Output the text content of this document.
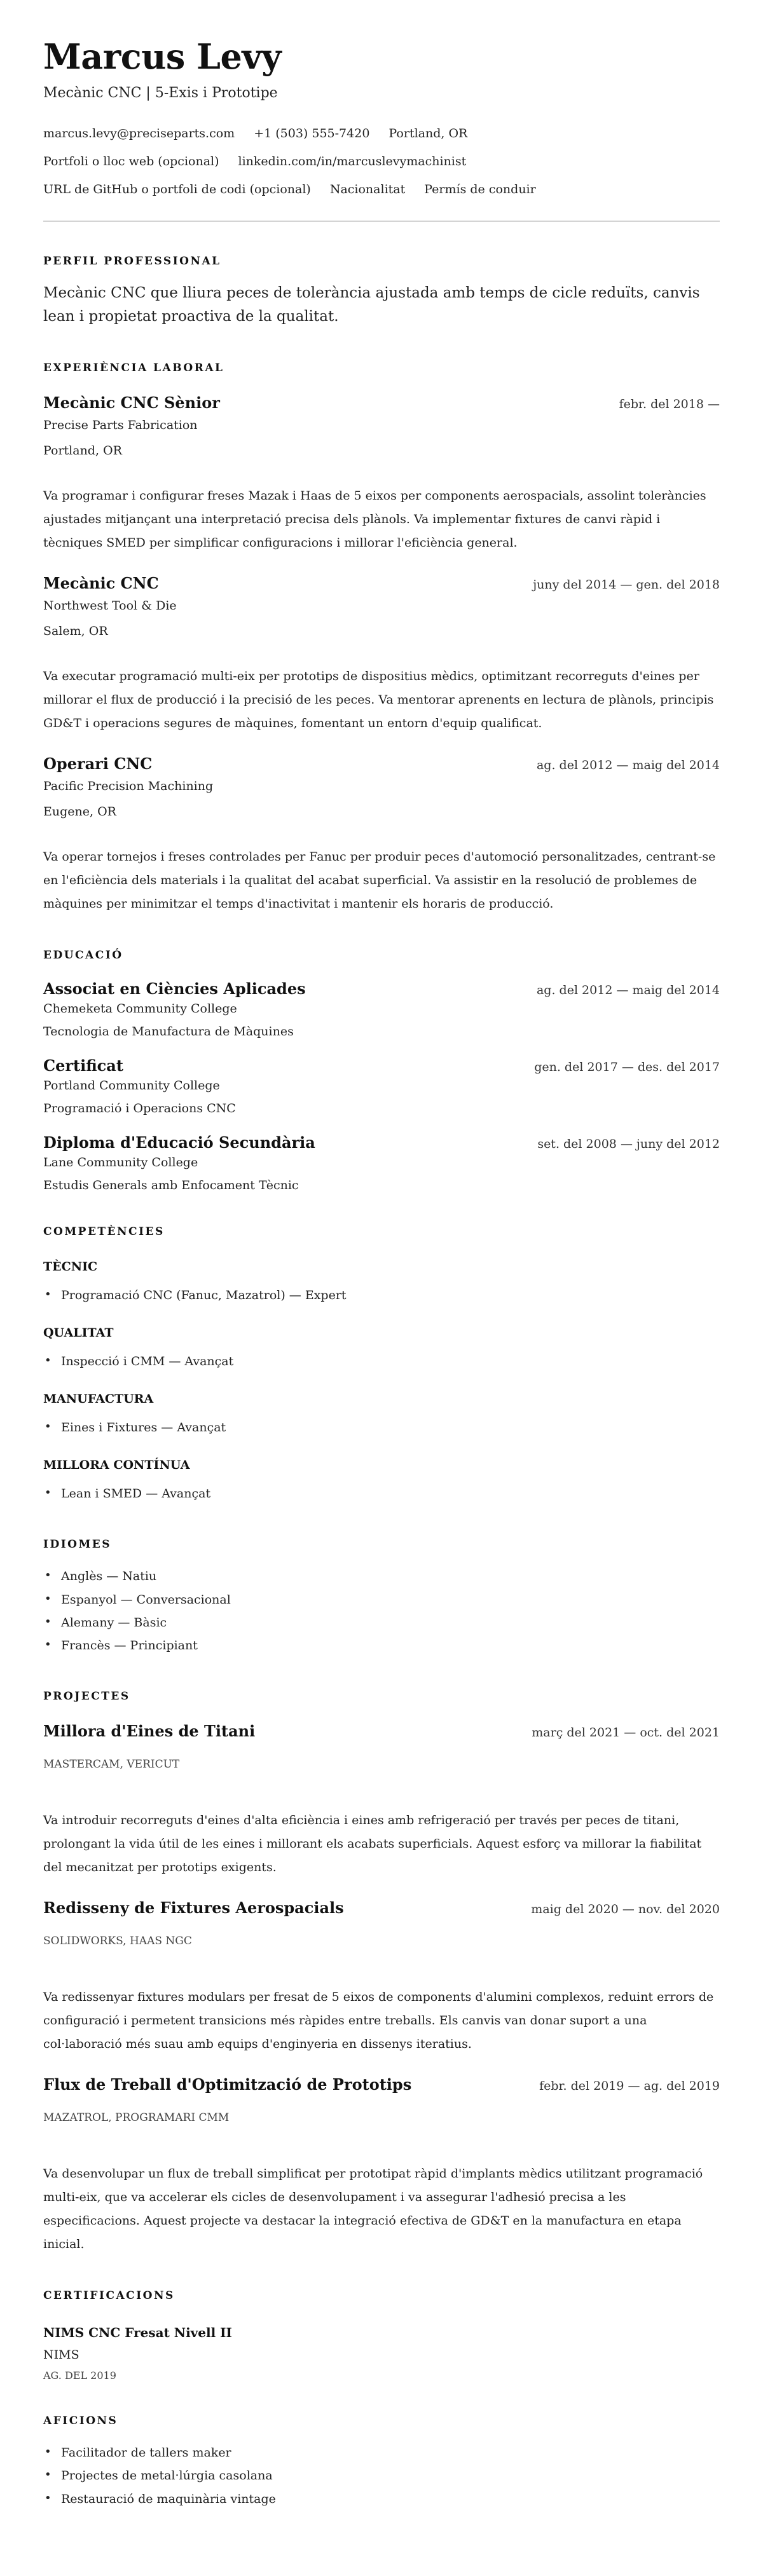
Marcus Levy
Mecànic CNC | 5-Exis i Prototipe
marcus.levy@preciseparts.com +1 (503) 555-7420 Portland, OR
Portfoli o lloc web (opcional) linkedin.com/in/marcuslevymachinist
URL de GitHub o portfoli de codi (opcional) Nacionalitat Permís de conduir
PERFIL PROFESSIONAL

Mecànic CNC que lliura peces de tolerància ajustada amb temps de cicle reduïts, canvis lean i propietat proactiva de la qualitat.

EXPERIÈNCIA LABORAL
Mecànic CNC Sènior	febr. del 2018 —
Precise Parts Fabrication
Portland, OR

Va programar i configurar freses Mazak i Haas de 5 eixos per components aerospacials, assolint toleràncies ajustades mitjançant una interpretació precisa dels plànols. Va implementar fixtures de canvi ràpid i tècniques SMED per simplificar configuracions i millorar l'eficiència general.

Mecànic CNC	juny del 2014 — gen. del 2018
Northwest Tool & Die
Salem, OR

Va executar programació multi-eix per prototips de dispositius mèdics, optimitzant recorreguts d'eines per millorar el flux de producció i la precisió de les peces. Va mentorar aprenents en lectura de plànols, principis GD&T i operacions segures de màquines, fomentant un entorn d'equip qualificat.

Operari CNC	ag. del 2012 — maig del 2014
Pacific Precision Machining
Eugene, OR

Va operar tornejos i freses controlades per Fanuc per produir peces d'automoció personalitzades, centrant-se en l'eficiència dels materials i la qualitat del acabat superficial. Va assistir en la resolució de problemes de màquines per minimitzar el temps d'inactivitat i mantenir els horaris de producció.

EDUCACIÓ
Associat en Ciències Aplicades	ag. del 2012 — maig del 2014
Chemeketa Community College
Tecnologia de Manufactura de Màquines
Certificat	gen. del 2017 — des. del 2017
Portland Community College
Programació i Operacions CNC
Diploma d'Educació Secundària	set. del 2008 — juny del 2012
Lane Community College
Estudis Generals amb Enfocament Tècnic
COMPETÈNCIES
TÈCNIC
• Programació CNC (Fanuc, Mazatrol) — Expert
QUALITAT
• Inspecció i CMM — Avançat
MANUFACTURA
• Eines i Fixtures — Avançat
MILLORA CONTÍNUA
• Lean i SMED — Avançat
IDIOMES
• Anglès — Natiu
• Espanyol — Conversacional
• Alemany — Bàsic
• Francès — Principiant
PROJECTES
Millora d'Eines de Titani	març del 2021 — oct. del 2021
MASTERCAM, VERICUT

Va introduir recorreguts d'eines d'alta eficiència i eines amb refrigeració per través per peces de titani, prolongant la vida útil de les eines i millorant els acabats superficials. Aquest esforç va millorar la fiabilitat del mecanitzat per prototips exigents.

Redisseny de Fixtures Aerospacials	maig del 2020 — nov. del 2020
SOLIDWORKS, HAAS NGC

Va redissenyar fixtures modulars per fresat de 5 eixos de components d'alumini complexos, reduint errors de configuració i permetent transicions més ràpides entre treballs. Els canvis van donar suport a una col·laboració més suau amb equips d'enginyeria en dissenys iteratius.

Flux de Treball d'Optimització de Prototips	febr. del 2019 — ag. del 2019
MAZATROL, PROGRAMARI CMM

Va desenvolupar un flux de treball simplificat per prototipat ràpid d'implants mèdics utilitzant programació multi-eix, que va accelerar els cicles de desenvolupament i va assegurar l'adhesió precisa a les especificacions. Aquest projecte va destacar la integració efectiva de GD&T en la manufactura en etapa inicial.

CERTIFICACIONS
NIMS CNC Fresat Nivell II
NIMS
AG. DEL 2019
AFICIONS
• Facilitador de tallers maker
• Projectes de metal·lúrgia casolana
• Restauració de maquinària vintage
